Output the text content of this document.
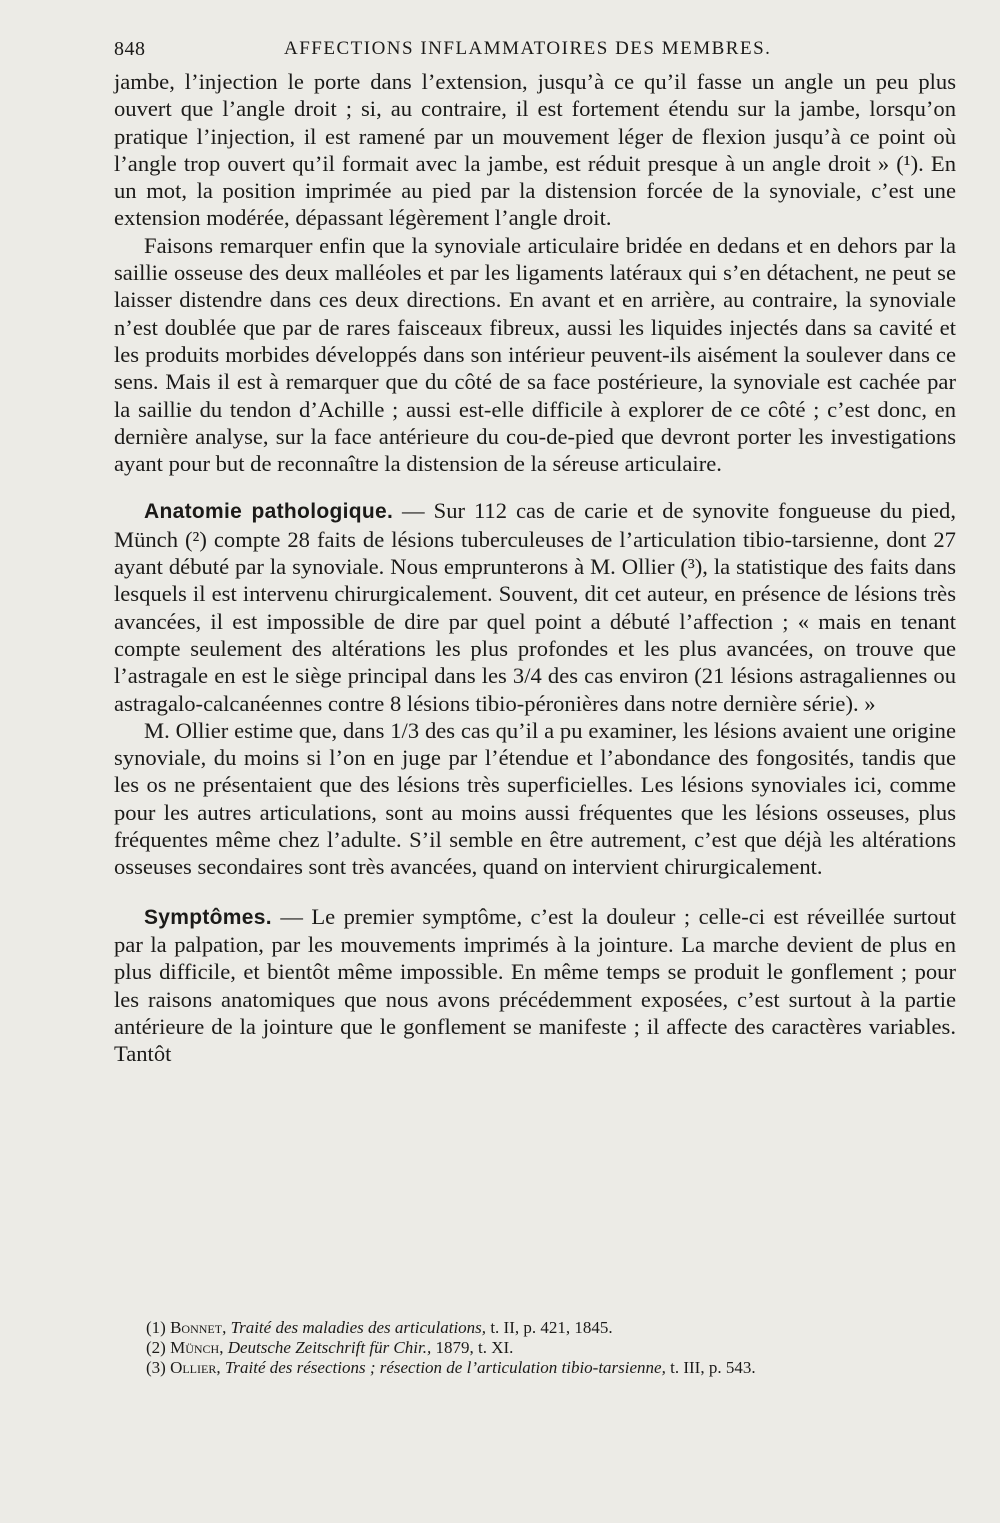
848	AFFECTIONS INFLAMMATOIRES DES MEMBRES.

jambe, l’injection le porte dans l’extension, jusqu’à ce qu’il fasse un angle un peu plus ouvert que l’angle droit ; si, au contraire, il est fortement étendu sur la jambe, lorsqu’on pratique l’injection, il est ramené par un mouvement léger de flexion jusqu’à ce point où l’angle trop ouvert qu’il formait avec la jambe, est réduit presque à un angle droit » (¹). En un mot, la position imprimée au pied par la distension forcée de la synoviale, c’est une extension modérée, dépassant légèrement l’angle droit.

Faisons remarquer enfin que la synoviale articulaire bridée en dedans et en dehors par la saillie osseuse des deux malléoles et par les ligaments latéraux qui s’en détachent, ne peut se laisser distendre dans ces deux directions. En avant et en arrière, au contraire, la synoviale n’est doublée que par de rares faisceaux fibreux, aussi les liquides injectés dans sa cavité et les produits morbides développés dans son intérieur peuvent-ils aisément la soulever dans ce sens. Mais il est à remarquer que du côté de sa face postérieure, la synoviale est cachée par la saillie du tendon d’Achille ; aussi est-elle difficile à explorer de ce côté ; c’est donc, en dernière analyse, sur la face antérieure du cou-de-pied que devront porter les investigations ayant pour but de reconnaître la distension de la séreuse articulaire.

Anatomie pathologique. — Sur 112 cas de carie et de synovite fongueuse du pied, Münch (²) compte 28 faits de lésions tuberculeuses de l’articulation tibio-tarsienne, dont 27 ayant débuté par la synoviale. Nous emprunterons à M. Ollier (³), la statistique des faits dans lesquels il est intervenu chirurgicalement. Souvent, dit cet auteur, en présence de lésions très avancées, il est impossible de dire par quel point a débuté l’affection ; « mais en tenant compte seulement des altérations les plus profondes et les plus avancées, on trouve que l’astragale en est le siège principal dans les 3/4 des cas environ (21 lésions astragaliennes ou astragalo-calcanéennes contre 8 lésions tibio-péronières dans notre dernière série). »

M. Ollier estime que, dans 1/3 des cas qu’il a pu examiner, les lésions avaient une origine synoviale, du moins si l’on en juge par l’étendue et l’abondance des fongosités, tandis que les os ne présentaient que des lésions très superficielles. Les lésions synoviales ici, comme pour les autres articulations, sont au moins aussi fréquentes que les lésions osseuses, plus fréquentes même chez l’adulte. S’il semble en être autrement, c’est que déjà les altérations osseuses secondaires sont très avancées, quand on intervient chirurgicalement.

Symptômes. — Le premier symptôme, c’est la douleur ; celle-ci est réveillée surtout par la palpation, par les mouvements imprimés à la jointure. La marche devient de plus en plus difficile, et bientôt même impossible. En même temps se produit le gonflement ; pour les raisons anatomiques que nous avons précédemment exposées, c’est surtout à la partie antérieure de la jointure que le gonflement se manifeste ; il affecte des caractères variables. Tantôt

(1) Bonnet, Traité des maladies des articulations, t. II, p. 421, 1845.

(2) Münch, Deutsche Zeitschrift für Chir., 1879, t. XI.

(3) Ollier, Traité des résections ; résection de l’articulation tibio-tarsienne, t. III, p. 543.
